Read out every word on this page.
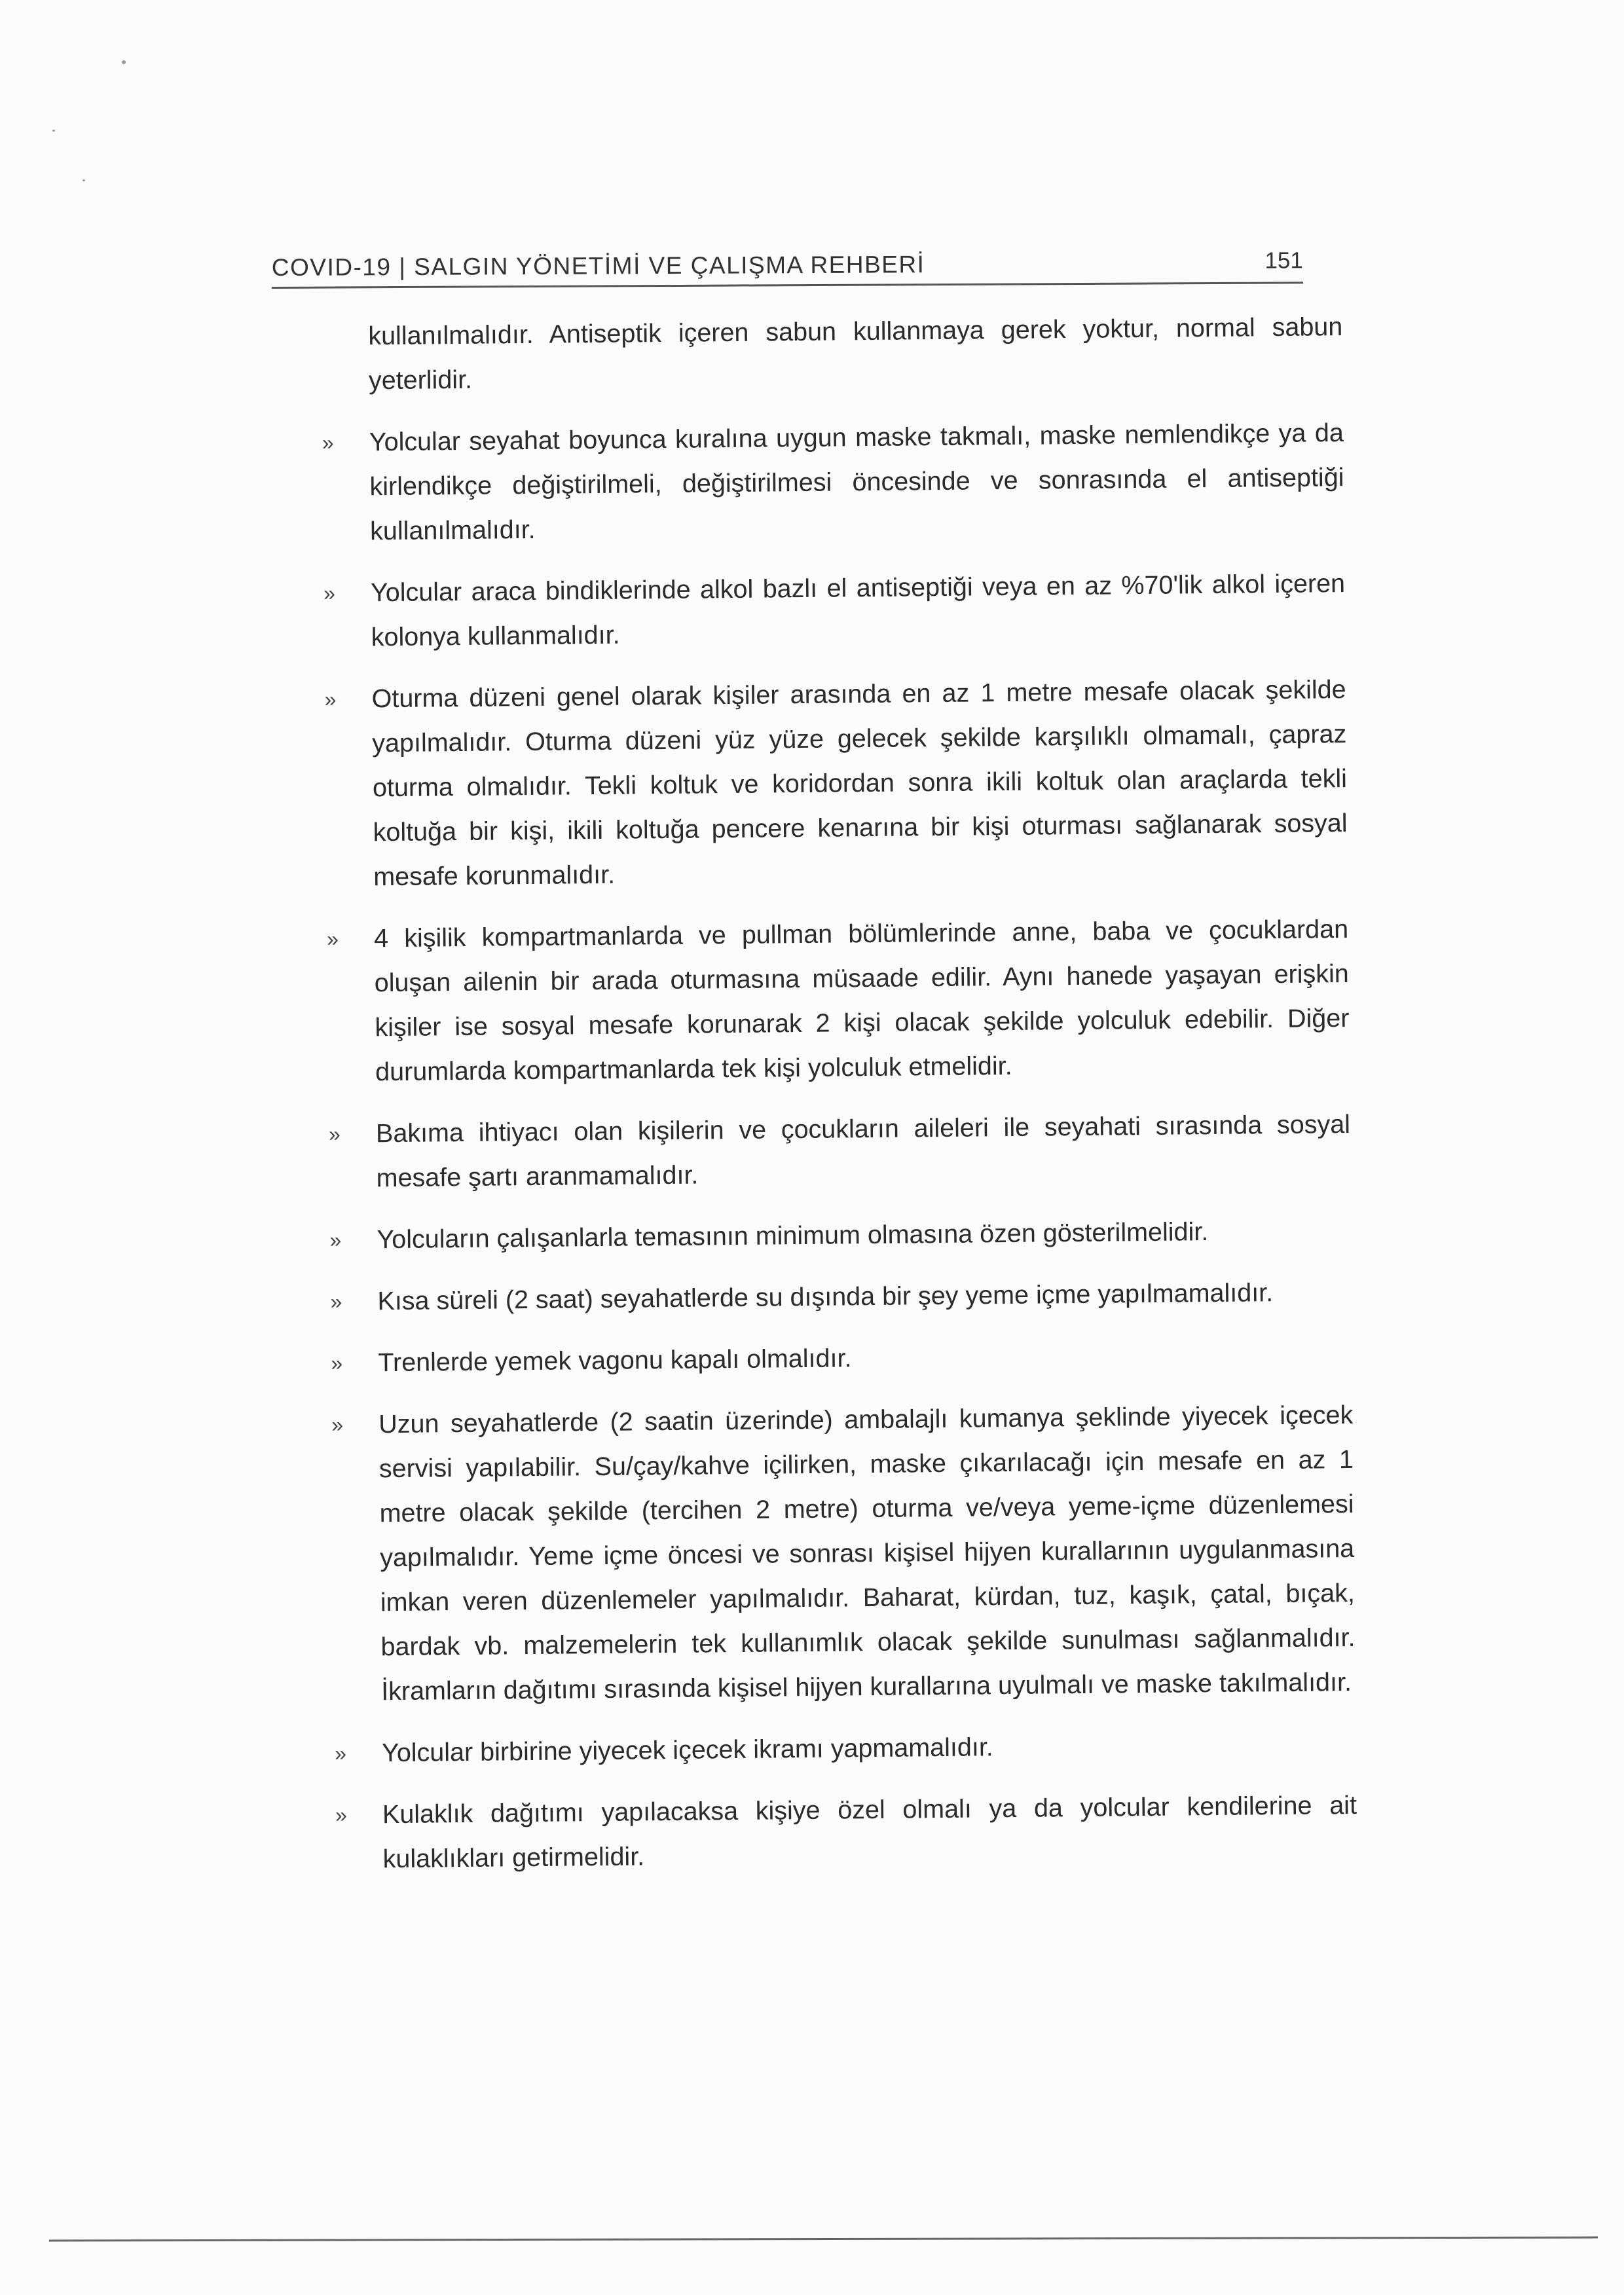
COVID-19 | SALGIN YÖNETİMİ VE ÇALIŞMA REHBERİ	151
kullanılmalıdır. Antiseptik içeren sabun kullanmaya gerek yoktur, normal sabun yeterlidir.
» Yolcular seyahat boyunca kuralına uygun maske takmalı, maske nemlendikçe ya da kirlendikçe değiştirilmeli, değiştirilmesi öncesinde ve sonrasında el antiseptiği kullanılmalıdır.
» Yolcular araca bindiklerinde alkol bazlı el antiseptiği veya en az %70'lik alkol içeren kolonya kullanmalıdır.
» Oturma düzeni genel olarak kişiler arasında en az 1 metre mesafe olacak şekilde yapılmalıdır. Oturma düzeni yüz yüze gelecek şekilde karşılıklı olmamalı, çapraz oturma olmalıdır. Tekli koltuk ve koridordan sonra ikili koltuk olan araçlarda tekli koltuğa bir kişi, ikili koltuğa pencere kenarına bir kişi oturması sağlanarak sosyal mesafe korunmalıdır.
» 4 kişilik kompartmanlarda ve pullman bölümlerinde anne, baba ve çocuklardan oluşan ailenin bir arada oturmasına müsaade edilir. Aynı hanede yaşayan erişkin kişiler ise sosyal mesafe korunarak 2 kişi olacak şekilde yolculuk edebilir. Diğer durumlarda kompartmanlarda tek kişi yolculuk etmelidir.
» Bakıma ihtiyacı olan kişilerin ve çocukların aileleri ile seyahati sırasında sosyal mesafe şartı aranmamalıdır.
» Yolcuların çalışanlarla temasının minimum olmasına özen gösterilmelidir.
» Kısa süreli (2 saat) seyahatlerde su dışında bir şey yeme içme yapılmamalıdır.
» Trenlerde yemek vagonu kapalı olmalıdır.
» Uzun seyahatlerde (2 saatin üzerinde) ambalajlı kumanya şeklinde yiyecek içecek servisi yapılabilir. Su/çay/kahve içilirken, maske çıkarılacağı için mesafe en az 1 metre olacak şekilde (tercihen 2 metre) oturma ve/veya yeme-içme düzenlemesi yapılmalıdır. Yeme içme öncesi ve sonrası kişisel hijyen kurallarının uygulanmasına imkan veren düzenlemeler yapılmalıdır. Baharat, kürdan, tuz, kaşık, çatal, bıçak, bardak vb. malzemelerin tek kullanımlık olacak şekilde sunulması sağlanmalıdır. İkramların dağıtımı sırasında kişisel hijyen kurallarına uyulmalı ve maske takılmalıdır.
» Yolcular birbirine yiyecek içecek ikramı yapmamalıdır.
» Kulaklık dağıtımı yapılacaksa kişiye özel olmalı ya da yolcular kendilerine ait kulaklıkları getirmelidir.
